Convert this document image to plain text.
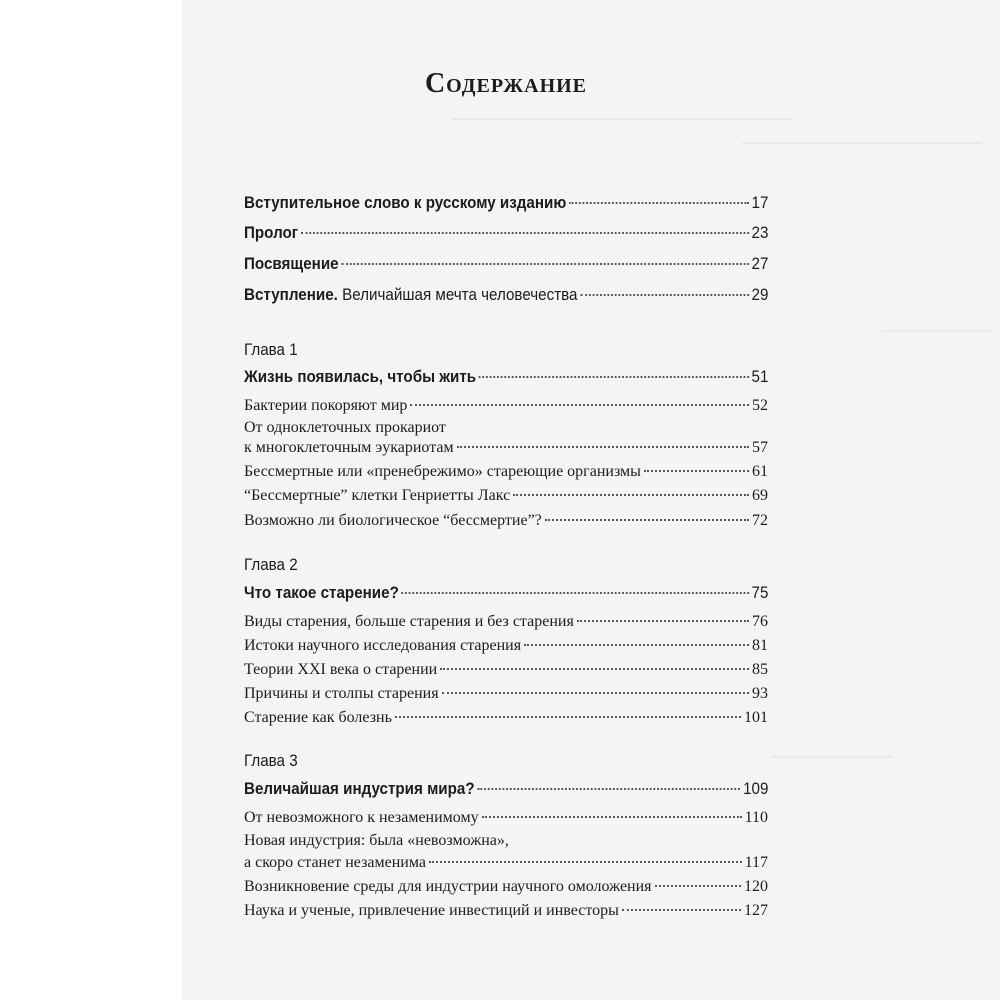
Содержание
Вступительное слово к русскому изданию	17
Пролог	23
Посвящение	27
Вступление. Величайшая мечта человечества	29
Глава 1
Жизнь появилась, чтобы жить	51
Бактерии покоряют мир	52
От одноклеточных прокариот
к многоклеточным эукариотам	57
Бессмертные или «пренебрежимо» стареющие организмы	61
“Бессмертные” клетки Генриетты Лакс	69
Возможно ли биологическое “бессмертие”?	72
Глава 2
Что такое старение?	75
Виды старения, больше старения и без старения	76
Истоки научного исследования старения	81
Теории XXI века о старении	85
Причины и столпы старения	93
Старение как болезнь	101
Глава 3
Величайшая индустрия мира?	109
От невозможного к незаменимому	110
Новая индустрия: была «невозможна»,
а скоро станет незаменима	117
Возникновение среды для индустрии научного омоложения	120
Наука и ученые, привлечение инвестиций и инвесторы	127
